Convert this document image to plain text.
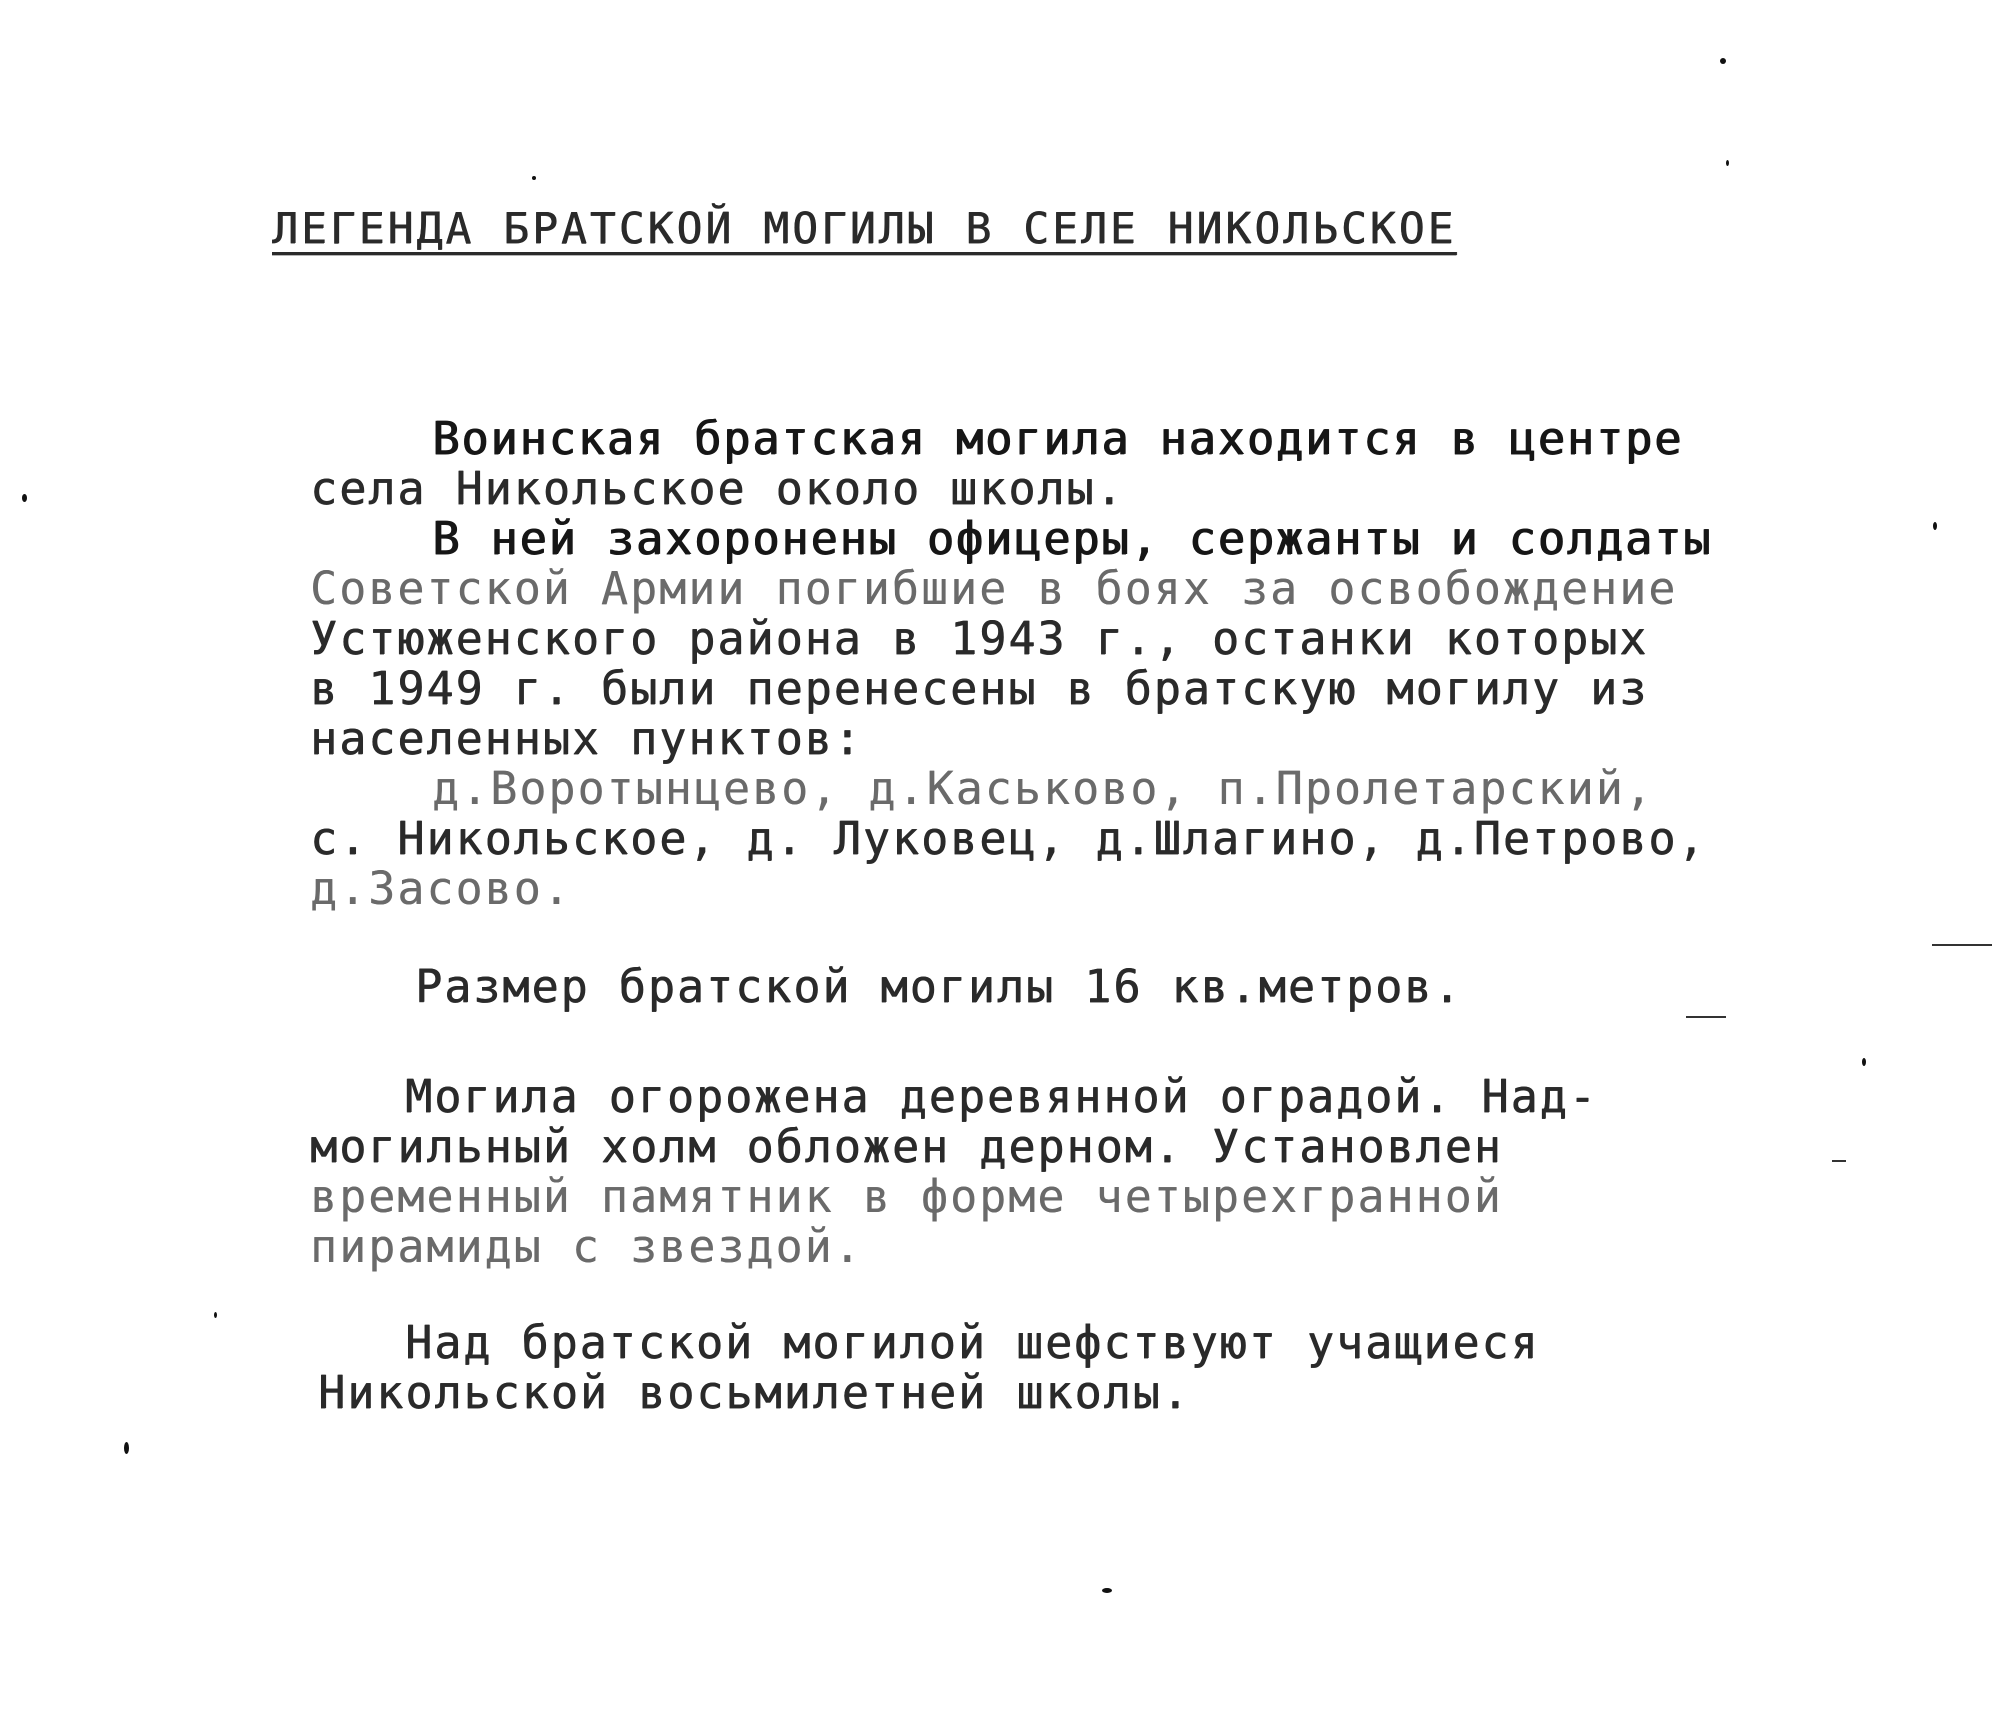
ЛЕГЕНДА БРАТСКОЙ МОГИЛЫ В СЕЛЕ НИКОЛЬСКОЕ
Воинская братская могила находится в центре
села Никольское около школы.
В ней захоронены офицеры, сержанты и солдаты
Советской Армии погибшие в боях за освобождение
Устюженского района в 1943 г., останки которых
в 1949 г. были перенесены в братскую могилу из
населенных пунктов:
д.Воротынцево, д.Каськово, п.Пролетарский,
с. Никольское, д. Луковец, д.Шлагино, д.Петрово,
д.Засово.
Размер братской могилы 16 кв.метров.
Могила огорожена деревянной оградой. Над-
могильный холм обложен дерном. Установлен
временный памятник в форме четырехгранной
пирамиды с звездой.
Над братской могилой шефствуют учащиеся
Никольской восьмилетней школы.
